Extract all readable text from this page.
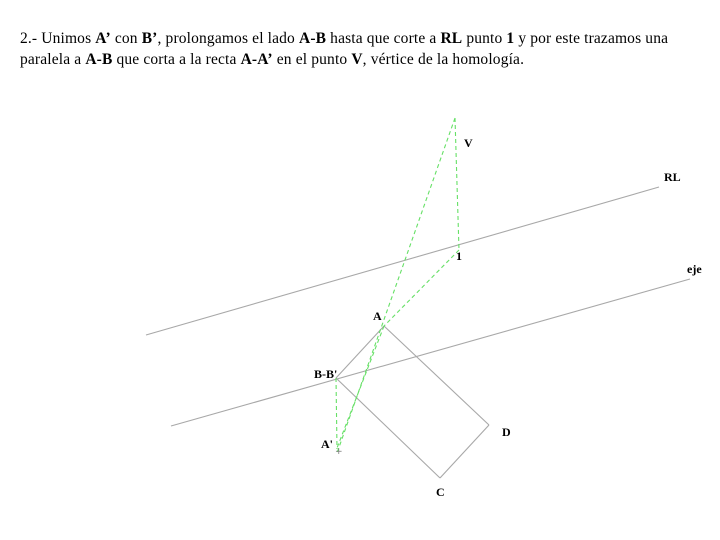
2.- Unimos A’ con B’, prolongamos el lado A-B hasta que corte a RL punto 1 y por este trazamos una paralela a A-B que corta a la recta A-A’ en el punto V, vértice de la homología.
+
V
RL
1
eje
A
B-B'
A'
D
C
